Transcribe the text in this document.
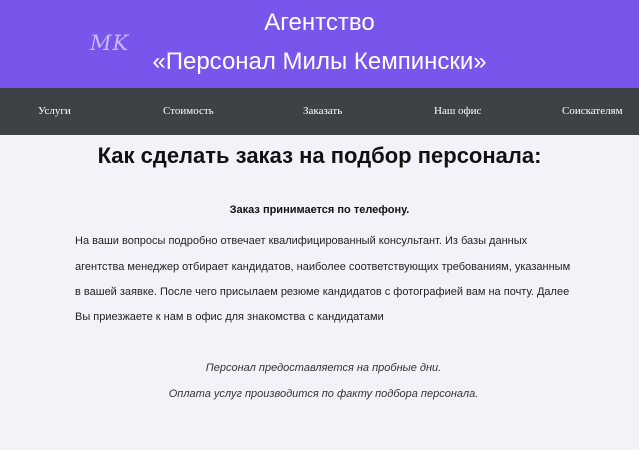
MK
Агентство
«Персонал Милы Кемпински»
Услуги	Стоимость	Заказать	Наш офис	Соискателям
Как сделать заказ на подбор персонала:
Заказ принимается по телефону.
На ваши вопросы подробно отвечает квалифицированный консультант. Из базы данных
агентства менеджер отбирает кандидатов, наиболее соответствующих требованиям, указанным
в вашей заявке. После чего присылаем резюме кандидатов с фотографией вам на почту. Далее
Вы приезжаете к нам в офис для знакомства с кандидатами
Персонал предоставляется на пробные дни.
Оплата услуг производится по факту подбора персонала.
